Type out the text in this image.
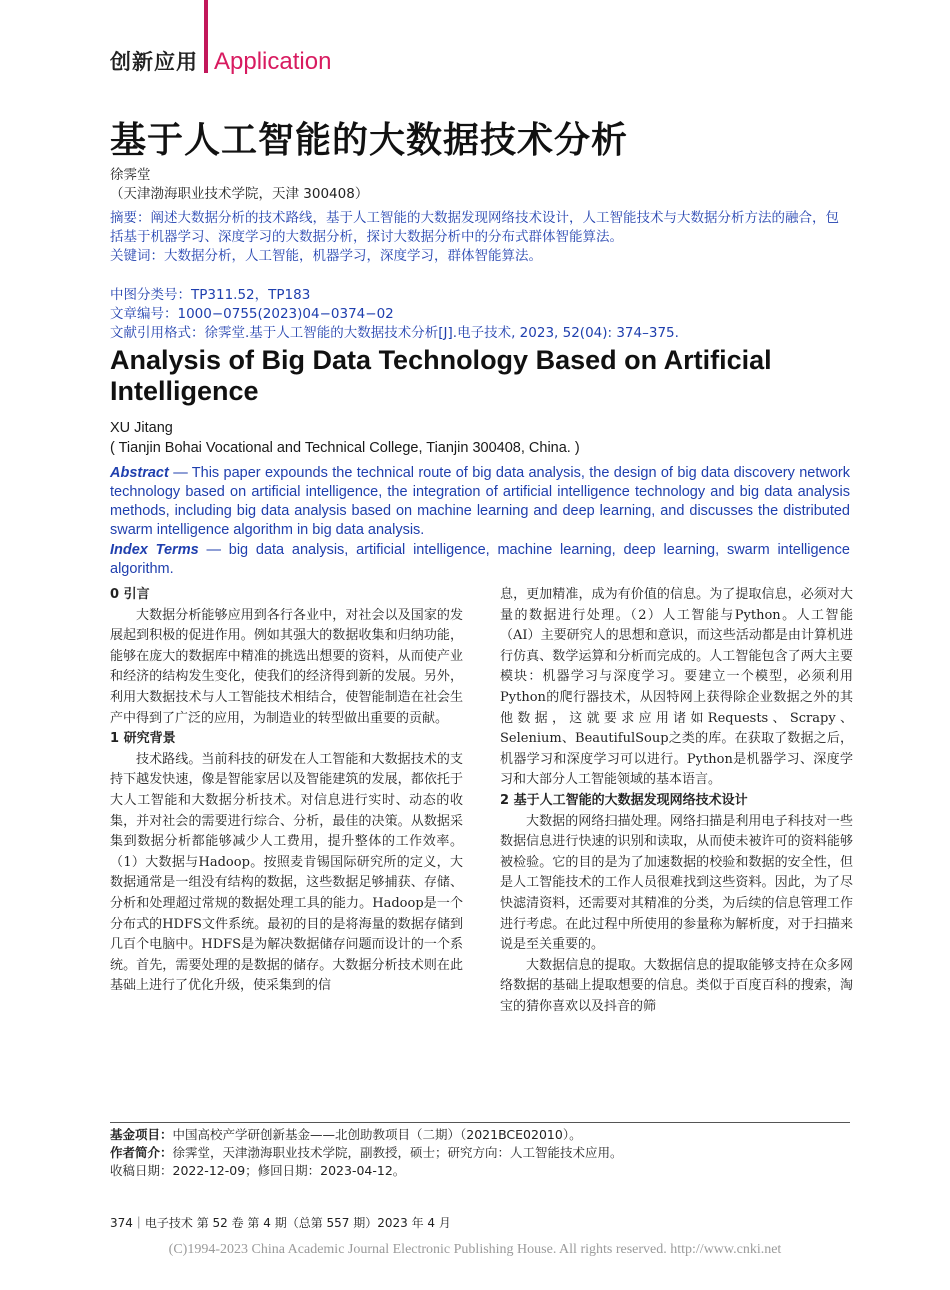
创新应用 Application
基于人工智能的大数据技术分析
徐霁堂
（天津渤海职业技术学院，天津 300408）
摘要：阐述大数据分析的技术路线，基于人工智能的大数据发现网络技术设计，人工智能技术与大数据分析方法的融合，包括基于机器学习、深度学习的大数据分析，探讨大数据分析中的分布式群体智能算法。
关键词：大数据分析，人工智能，机器学习，深度学习，群体智能算法。
中图分类号：TP311.52，TP183
文章编号：1000−0755(2023)04−0374−02
文献引用格式：徐霁堂.基于人工智能的大数据技术分析[J].电子技术, 2023, 52(04): 374–375.
Analysis of Big Data Technology Based on Artificial Intelligence
XU Jitang
( Tianjin Bohai Vocational and Technical College, Tianjin 300408, China. )
Abstract — This paper expounds the technical route of big data analysis, the design of big data discovery network technology based on artificial intelligence, the integration of artificial intelligence technology and big data analysis methods, including big data analysis based on machine learning and deep learning, and discusses the distributed swarm intelligence algorithm in big data analysis.
Index Terms — big data analysis, artificial intelligence, machine learning, deep learning, swarm intelligence algorithm.
0 引言

大数据分析能够应用到各行各业中，对社会以及国家的发展起到积极的促进作用。例如其强大的数据收集和归纳功能，能够在庞大的数据库中精准的挑选出想要的资料，从而使产业和经济的结构发生变化，使我们的经济得到新的发展。另外，利用大数据技术与人工智能技术相结合，使智能制造在社会生产中得到了广泛的应用，为制造业的转型做出重要的贡献。

1 研究背景

技术路线。当前科技的研发在人工智能和大数据技术的支持下越发快速，像是智能家居以及智能建筑的发展，都依托于大人工智能和大数据分析技术。对信息进行实时、动态的收集，并对社会的需要进行综合、分析，最佳的决策。从数据采集到数据分析都能够减少人工费用，提升整体的工作效率。（1）大数据与Hadoop。按照麦肯锡国际研究所的定义，大数据通常是一组没有结构的数据，这些数据足够捕获、存储、分析和处理超过常规的数据处理工具的能力。Hadoop是一个分布式的HDFS文件系统。最初的目的是将海量的数据存储到几百个电脑中。HDFS是为解决数据储存问题而设计的一个系统。首先，需要处理的是数据的储存。大数据分析技术则在此基础上进行了优化升级，使采集到的信

息，更加精准，成为有价值的信息。为了提取信息，必须对大量的数据进行处理。（2）人工智能与Python。人工智能（AI）主要研究人的思想和意识，而这些活动都是由计算机进行仿真、数学运算和分析而完成的。人工智能包含了两大主要模块：机器学习与深度学习。要建立一个模型，必须利用Python的爬行器技术，从因特网上获得除企业数据之外的其他数据，这就要求应用诸如Requests、Scrapy、Selenium、BeautifulSoup之类的库。在获取了数据之后，机器学习和深度学习可以进行。Python是机器学习、深度学习和大部分人工智能领域的基本语言。

2 基于人工智能的大数据发现网络技术设计

大数据的网络扫描处理。网络扫描是利用电子科技对一些数据信息进行快速的识别和读取，从而使未被许可的资料能够被检验。它的目的是为了加速数据的校验和数据的安全性，但是人工智能技术的工作人员很难找到这些资料。因此，为了尽快滤清资料，还需要对其精准的分类，为后续的信息管理工作进行考虑。在此过程中所使用的参量称为解析度，对于扫描来说是至关重要的。

大数据信息的提取。大数据信息的提取能够支持在众多网络数据的基础上提取想要的信息。类似于百度百科的搜索，淘宝的猜你喜欢以及抖音的筛

基金项目：中国高校产学研创新基金——北创助教项目（二期）（2021BCE02010）。
作者简介：徐霁堂，天津渤海职业技术学院，副教授，硕士；研究方向：人工智能技术应用。
收稿日期：2022-12-09；修回日期：2023-04-12。
374｜电子技术 第 52 卷 第 4 期（总第 557 期）2023 年 4 月
(C)1994-2023 China Academic Journal Electronic Publishing House. All rights reserved. http://www.cnki.net
